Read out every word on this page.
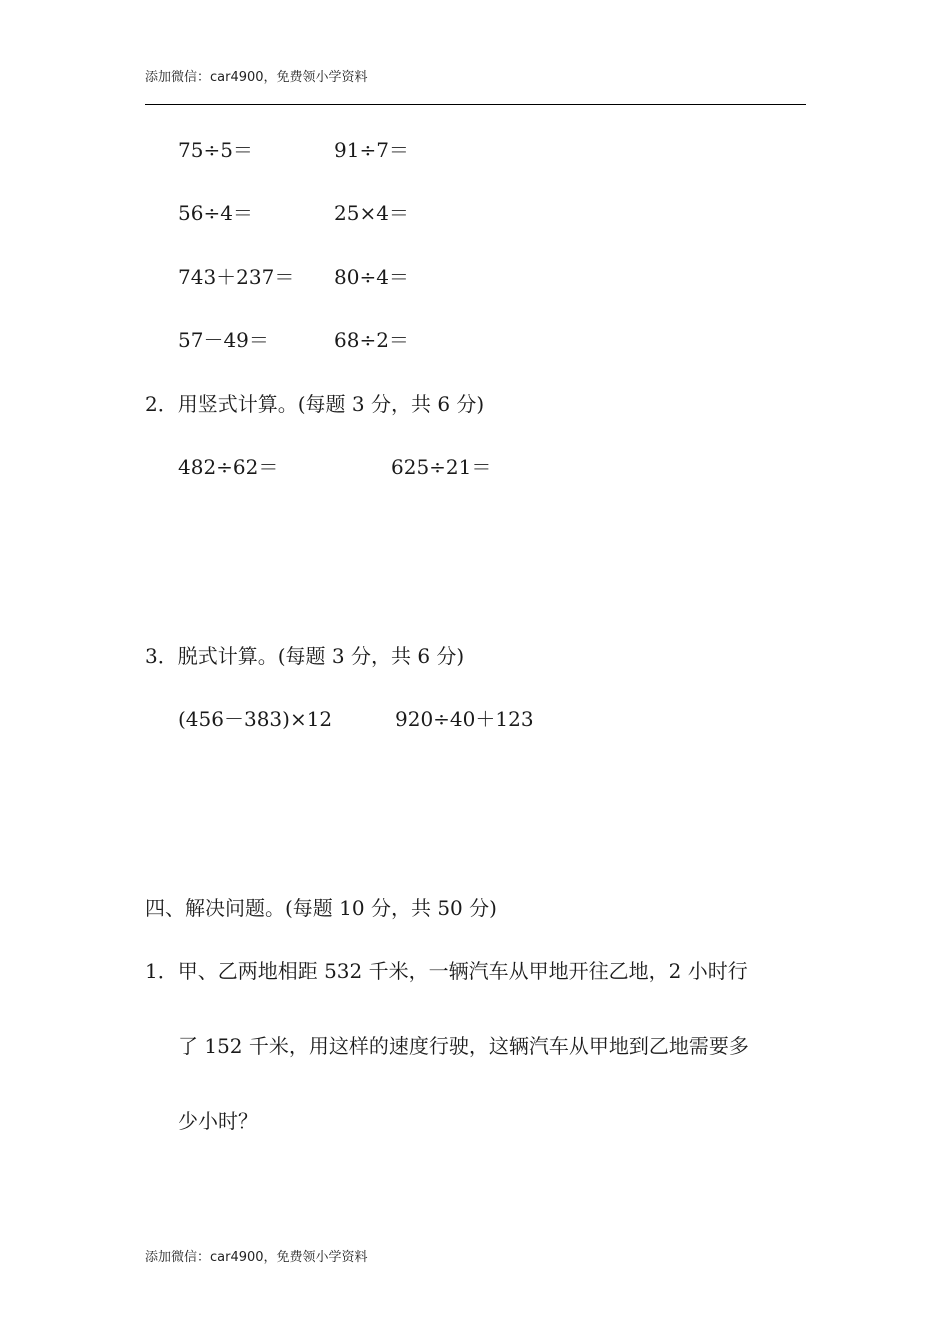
添加微信：car4900，免费领小学资料
75÷5＝	91÷7＝
56÷4＝	25×4＝
743＋237＝ 80÷4＝
57－49＝	68÷2＝
2．用竖式计算。(每题 3 分，共 6 分)
482÷62＝	625÷21＝
3．脱式计算。(每题 3 分，共 6 分)
(456－383)×12	920÷40＋123
四、解决问题。(每题 10 分，共 50 分)
1．甲、乙两地相距 532 千米，一辆汽车从甲地开往乙地，2 小时行
了 152 千米，用这样的速度行驶，这辆汽车从甲地到乙地需要多
少小时？
添加微信：car4900，免费领小学资料
